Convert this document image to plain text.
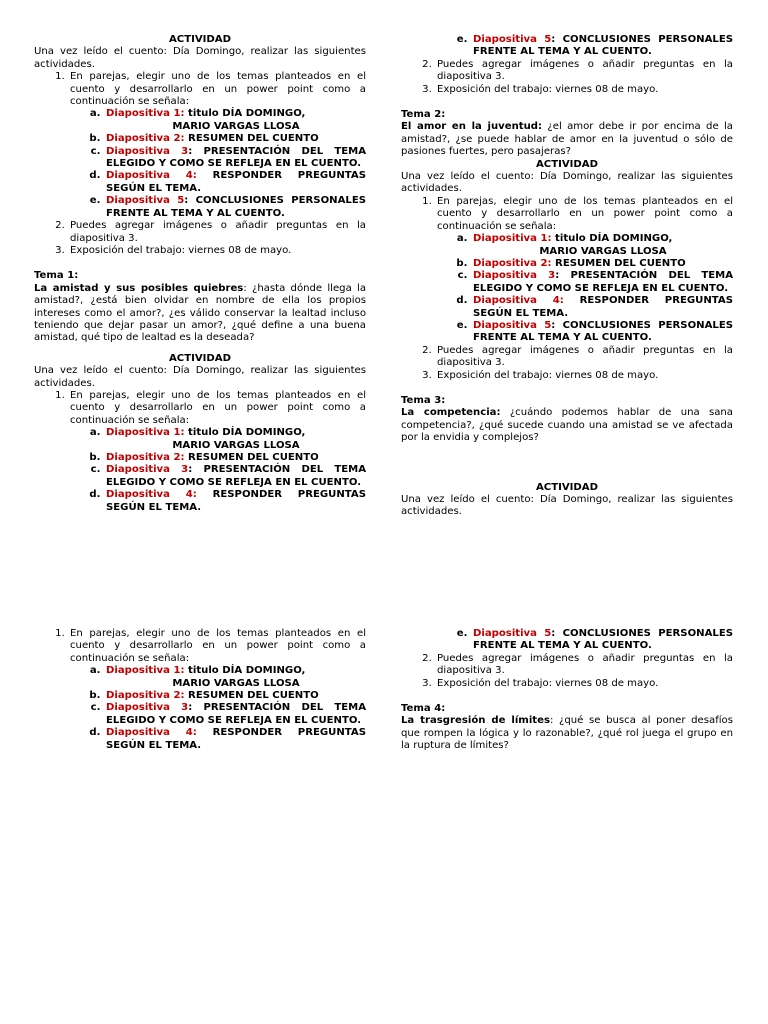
ACTIVIDAD

Una vez leído el cuento: Día Domingo, realizar las siguientes actividades.

1. En parejas, elegir uno de los temas planteados en el cuento y desarrollarlo en un power point como a continuación se señala:
a. Diapositiva 1: titulo DÍA DOMINGO,
MARIO VARGAS LLOSA
b. Diapositiva 2: RESUMEN DEL CUENTO
c. Diapositiva 3: PRESENTACIÓN DEL TEMA ELEGIDO Y COMO SE REFLEJA EN EL CUENTO.
d. Diapositiva 4: RESPONDER PREGUNTAS SEGÚN EL TEMA.
e. Diapositiva 5: CONCLUSIONES PERSONALES FRENTE AL TEMA Y AL CUENTO.
2. Puedes agregar imágenes o añadir preguntas en la diapositiva 3.
3. Exposición del trabajo: viernes 08 de mayo.

Tema 1:

La amistad y sus posibles quiebres: ¿hasta dónde llega la amistad?, ¿está bien olvidar en nombre de ella los propios intereses como el amor?, ¿es válido conservar la lealtad incluso teniendo que dejar pasar un amor?, ¿qué define a una buena amistad, qué tipo de lealtad es la deseada?

ACTIVIDAD

Una vez leído el cuento: Día Domingo, realizar las siguientes actividades.

1. En parejas, elegir uno de los temas planteados en el cuento y desarrollarlo en un power point como a continuación se señala:
a. Diapositiva 1: titulo DÍA DOMINGO,
MARIO VARGAS LLOSA
b. Diapositiva 2: RESUMEN DEL CUENTO
c. Diapositiva 3: PRESENTACIÓN DEL TEMA ELEGIDO Y COMO SE REFLEJA EN EL CUENTO.
d. Diapositiva 4: RESPONDER PREGUNTAS SEGÚN EL TEMA.
e. Diapositiva 5: CONCLUSIONES PERSONALES FRENTE AL TEMA Y AL CUENTO.
2. Puedes agregar imágenes o añadir preguntas en la diapositiva 3.
3. Exposición del trabajo: viernes 08 de mayo.

Tema 2:

El amor en la juventud: ¿el amor debe ir por encima de la amistad?, ¿se puede hablar de amor en la juventud o sólo de pasiones fuertes, pero pasajeras?

ACTIVIDAD

Una vez leído el cuento: Día Domingo, realizar las siguientes actividades.

1. En parejas, elegir uno de los temas planteados en el cuento y desarrollarlo en un power point como a continuación se señala:
a. Diapositiva 1: titulo DÍA DOMINGO,
MARIO VARGAS LLOSA
b. Diapositiva 2: RESUMEN DEL CUENTO
c. Diapositiva 3: PRESENTACIÓN DEL TEMA ELEGIDO Y COMO SE REFLEJA EN EL CUENTO.
d. Diapositiva 4: RESPONDER PREGUNTAS SEGÚN EL TEMA.
e. Diapositiva 5: CONCLUSIONES PERSONALES FRENTE AL TEMA Y AL CUENTO.
2. Puedes agregar imágenes o añadir preguntas en la diapositiva 3.
3. Exposición del trabajo: viernes 08 de mayo.

Tema 3:

La competencia: ¿cuándo podemos hablar de una sana competencia?, ¿qué sucede cuando una amistad se ve afectada por la envidia y complejos?

ACTIVIDAD

Una vez leído el cuento: Día Domingo, realizar las siguientes actividades.

1. En parejas, elegir uno de los temas planteados en el cuento y desarrollarlo en un power point como a continuación se señala:
a. Diapositiva 1: titulo DÍA DOMINGO,
MARIO VARGAS LLOSA
b. Diapositiva 2: RESUMEN DEL CUENTO
c. Diapositiva 3: PRESENTACIÓN DEL TEMA ELEGIDO Y COMO SE REFLEJA EN EL CUENTO.
d. Diapositiva 4: RESPONDER PREGUNTAS SEGÚN EL TEMA.
e. Diapositiva 5: CONCLUSIONES PERSONALES FRENTE AL TEMA Y AL CUENTO.
2. Puedes agregar imágenes o añadir preguntas en la diapositiva 3.
3. Exposición del trabajo: viernes 08 de mayo.

Tema 4:

La trasgresión de límites: ¿qué se busca al poner desafíos que rompen la lógica y lo razonable?, ¿qué rol juega el grupo en la ruptura de límites?
